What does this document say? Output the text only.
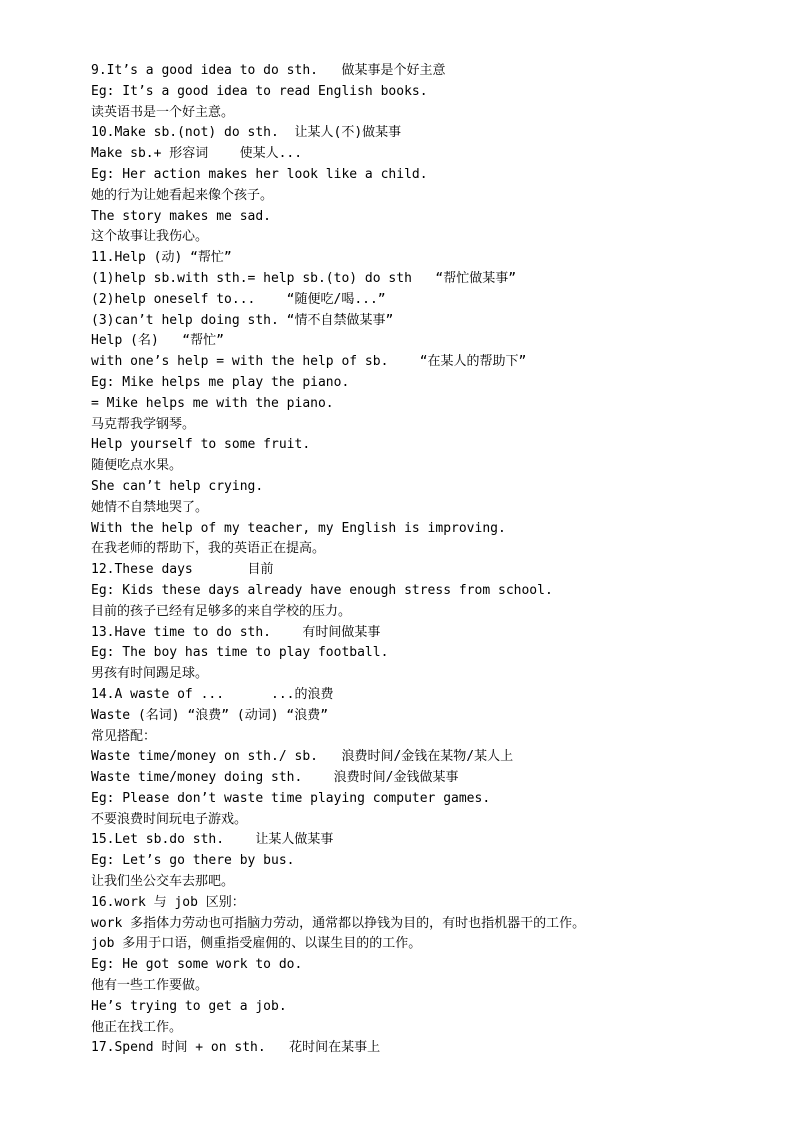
9.It’s a good idea to do sth.   做某事是个好主意
Eg: It’s a good idea to read English books.
读英语书是一个好主意。
10.Make sb.(not) do sth.  让某人(不)做某事
Make sb.+ 形容词    使某人...
Eg: Her action makes her look like a child.
她的行为让她看起来像个孩子。
The story makes me sad.
这个故事让我伤心。
11.Help (动) “帮忙”
(1)help sb.with sth.= help sb.(to) do sth   “帮忙做某事”
(2)help oneself to...    “随便吃/喝...”
(3)can’t help doing sth. “情不自禁做某事”
Help (名)   “帮忙”
with one’s help = with the help of sb.    “在某人的帮助下”
Eg: Mike helps me play the piano.
= Mike helps me with the piano.
马克帮我学钢琴。
Help yourself to some fruit.
随便吃点水果。
She can’t help crying.
她情不自禁地哭了。
With the help of my teacher, my English is improving.
在我老师的帮助下，我的英语正在提高。
12.These days       目前
Eg: Kids these days already have enough stress from school.
目前的孩子已经有足够多的来自学校的压力。
13.Have time to do sth.    有时间做某事
Eg: The boy has time to play football.
男孩有时间踢足球。
14.A waste of ...      ...的浪费
Waste (名词) “浪费” (动词) “浪费”
常见搭配：
Waste time/money on sth./ sb.   浪费时间/金钱在某物/某人上
Waste time/money doing sth.    浪费时间/金钱做某事
Eg: Please don’t waste time playing computer games.
不要浪费时间玩电子游戏。
15.Let sb.do sth.    让某人做某事
Eg: Let’s go there by bus.
让我们坐公交车去那吧。
16.work 与 job 区别：
work 多指体力劳动也可指脑力劳动，通常都以挣钱为目的，有时也指机器干的工作。
job 多用于口语，侧重指受雇佣的、以谋生目的的工作。
Eg: He got some work to do.
他有一些工作要做。
He’s trying to get a job.
他正在找工作。
17.Spend 时间 + on sth.   花时间在某事上
